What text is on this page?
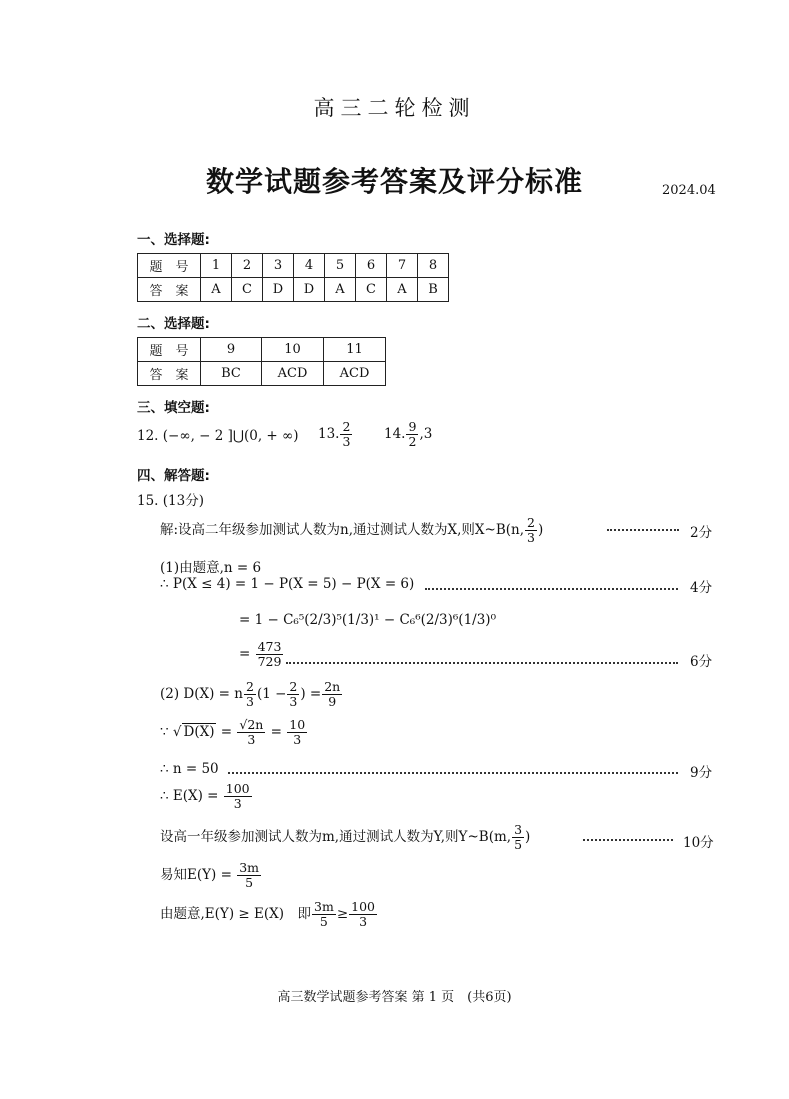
高三二轮检测
数学试题参考答案及评分标准	2024.04
一、选择题:
题　号	1	2	3	4	5	6	7	8
答　案	A	C	D	D	A	C	A	B
二、选择题:
题　号	9	10	11
答　案	BC	ACD	ACD
三、填空题:
12. (−∞, − 2 ]⋃(0, + ∞) 13. $\frac{2}{3} 14$. $\frac{9}{2} ,3$
四、解答题:
15. (13分)
解:设高二年级参加测试人数为n,通过测试人数为X,则X~B(n, $\frac{2}{3}$ )	2分
(1)由题意,n = 6
∴ P(X ≤ 4) = 1 − P(X = 5) − P(X = 6)	4分
= 1 − C₆⁵(2/3)⁵(1/3)¹ − C₆⁶(2/3)⁶(1/3)⁰
= $\frac{473}{729}$	6分
(2) D(X) = n $\frac{2}{3} (1 - \frac{2}{3}$ ) = $\frac{2n}{9}$
∵ √ $D(X) = \frac{√2n}{3} = \frac{10}{3}$
∴ n = 50	9分
∴ $E(X) = \frac{100}{3}$
设高一年级参加测试人数为m,通过测试人数为Y,则Y~B(m, $\frac{3}{5}$ )	10分
易知$E(Y) = \frac{3m}{5}$
由题意,E(Y) ≥ E(X)　即 $\frac{3m}{5} \ge \frac{100}{3}$
高三数学试题参考答案 第 1 页　(共6页)
